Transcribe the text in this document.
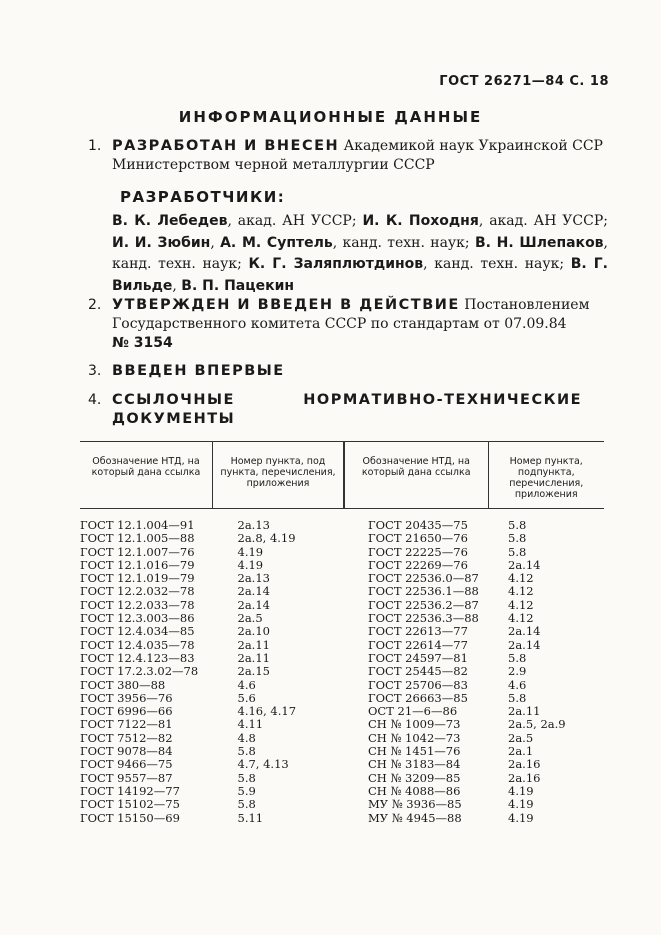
ГОСТ 26271—84 С. 18
ИНФОРМАЦИОННЫЕ ДАННЫЕ
1. РАЗРАБОТАН И ВНЕСЕН Академикой наук Украинской ССР Министерством черной металлургии СССР
РАЗРАБОТЧИКИ:
В. К. Лебедев, акад. АН УССР; И. К. Походня, акад. АН УССР; И. И. Зюбин, А. М. Суптель, канд. техн. наук; В. Н. Шлепаков, канд. техн. наук; К. Г. Заляплютдинов, канд. техн. наук; В. Г. Вильде, В. П. Пацекин
2. УТВЕРЖДЕН И ВВЕДЕН В ДЕЙСТВИЕ Постановлением Государственного комитета СССР по стандартам от 07.09.84
№ 3154
3. ВВЕДЕН ВПЕРВЫЕ
4. ССЫЛОЧНЫЕ НОРМАТИВНО-ТЕХНИЧЕСКИЕ ДОКУМЕНТЫ
Обозначение НТД, на который дана ссылка	Номер пункта, под пункта, перечисления, приложения	Обозначение НТД, на который дана ссылка	Номер пункта, подпункта, перечисления, приложения
ГОСТ 12.1.004—91	2а.13	ГОСТ 20435—75	5.8
ГОСТ 12.1.005—88	2а.8, 4.19	ГОСТ 21650—76	5.8
ГОСТ 12.1.007—76	4.19	ГОСТ 22225—76	5.8
ГОСТ 12.1.016—79	4.19	ГОСТ 22269—76	2а.14
ГОСТ 12.1.019—79	2а.13	ГОСТ 22536.0—87	4.12
ГОСТ 12.2.032—78	2а.14	ГОСТ 22536.1—88	4.12
ГОСТ 12.2.033—78	2а.14	ГОСТ 22536.2—87	4.12
ГОСТ 12.3.003—86	2а.5	ГОСТ 22536.3—88	4.12
ГОСТ 12.4.034—85	2а.10	ГОСТ 22613—77	2а.14
ГОСТ 12.4.035—78	2а.11	ГОСТ 22614—77	2а.14
ГОСТ 12.4.123—83	2а.11	ГОСТ 24597—81	5.8
ГОСТ 17.2.3.02—78	2а.15	ГОСТ 25445—82	2.9
ГОСТ 380—88	4.6	ГОСТ 25706—83	4.6
ГОСТ 3956—76	5.6	ГОСТ 26663—85	5.8
ГОСТ 6996—66	4.16, 4.17	ОСТ 21—6—86	2а.11
ГОСТ 7122—81	4.11	СН № 1009—73	2а.5, 2а.9
ГОСТ 7512—82	4.8	СН № 1042—73	2а.5
ГОСТ 9078—84	5.8	СН № 1451—76	2а.1
ГОСТ 9466—75	4.7, 4.13	СН № 3183—84	2а.16
ГОСТ 9557—87	5.8	СН № 3209—85	2а.16
ГОСТ 14192—77	5.9	СН № 4088—86	4.19
ГОСТ 15102—75	5.8	МУ № 3936—85	4.19
ГОСТ 15150—69	5.11	МУ № 4945—88	4.19
